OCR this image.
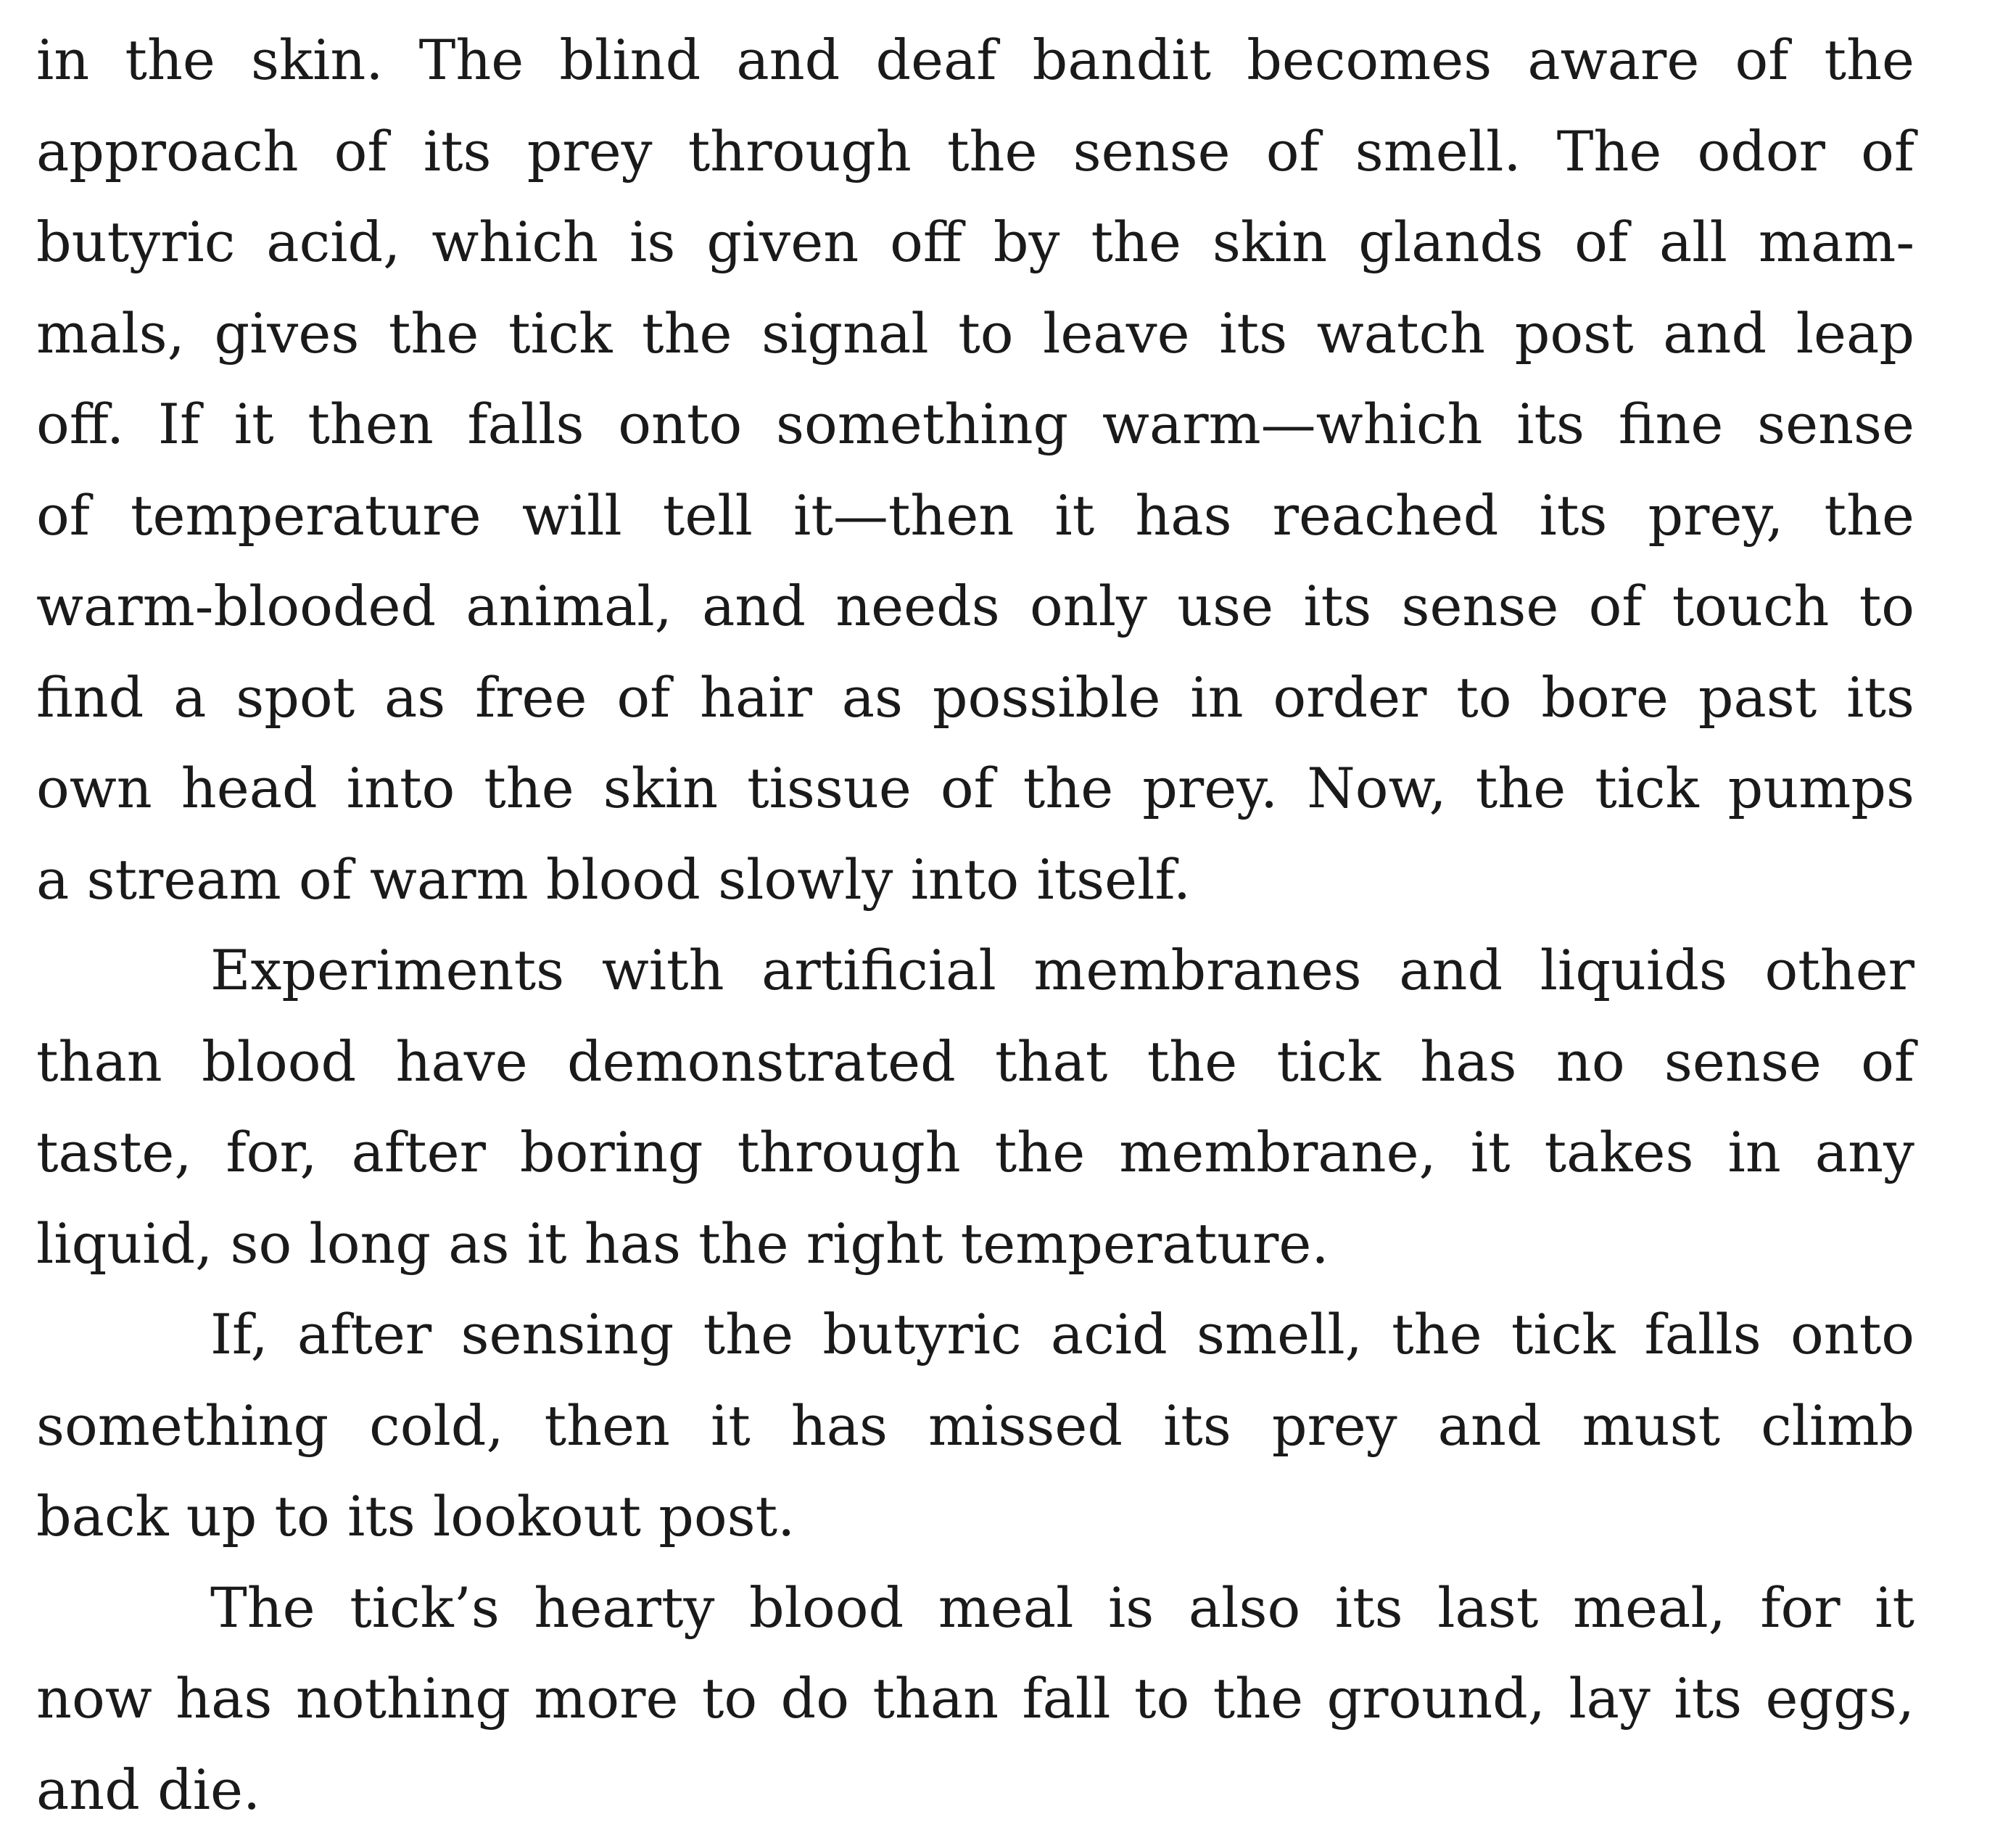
in the skin. The blind and deaf bandit becomes aware of the
approach of its prey through the sense of smell. The odor of
butyric acid, which is given off by the skin glands of all mam-
mals, gives the tick the signal to leave its watch post and leap
off. If it then falls onto something warm—which its fine sense
of temperature will tell it—then it has reached its prey, the
warm-blooded animal, and needs only use its sense of touch to
find a spot as free of hair as possible in order to bore past its
own head into the skin tissue of the prey. Now, the tick pumps
a stream of warm blood slowly into itself.
Experiments with artificial membranes and liquids other
than blood have demonstrated that the tick has no sense of
taste, for, after boring through the membrane, it takes in any
liquid, so long as it has the right temperature.
If, after sensing the butyric acid smell, the tick falls onto
something cold, then it has missed its prey and must climb
back up to its lookout post.
The tick’s hearty blood meal is also its last meal, for it
now has nothing more to do than fall to the ground, lay its eggs,
and die.
